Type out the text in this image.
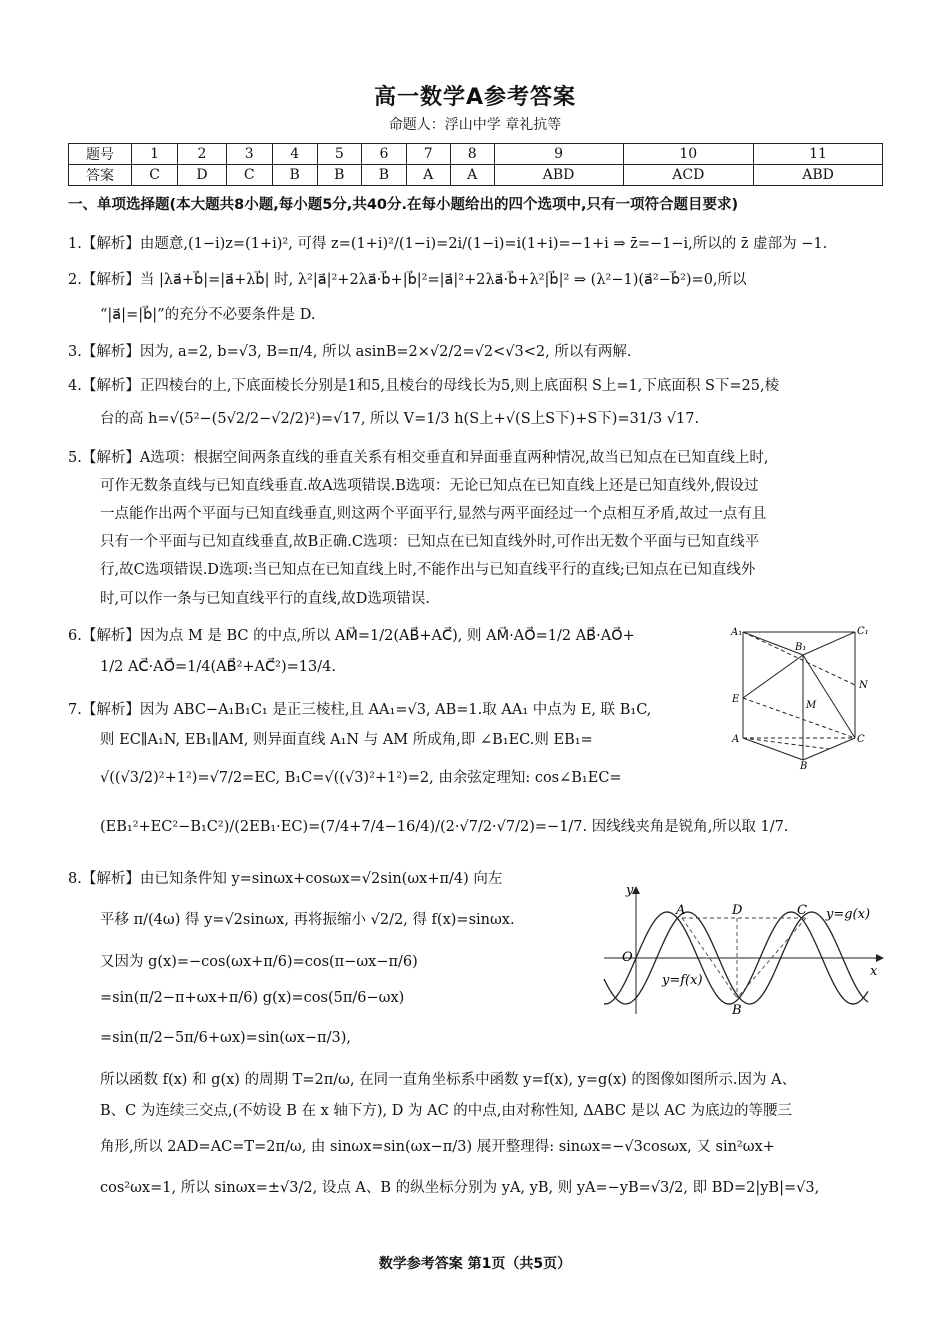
高一数学A参考答案
命题人：浮山中学 章礼抗等
题号	1	2	3	4	5	6	7	8	9	10	11
答案	C	D	C	B	B	B	A	A	ABD	ACD	ABD
一、单项选择题(本大题共8小题,每小题5分,共40分.在每小题给出的四个选项中,只有一项符合题目要求)
1.【解析】由题意,(1−i)z=(1+i)², 可得 z=(1+i)²/(1−i)=2i/(1−i)=i(1+i)=−1+i ⇒ z̄=−1−i,所以的 z̄ 虚部为 −1.
2.【解析】当 |λa⃗+b⃗|=|a⃗+λb⃗| 时, λ²|a⃗|²+2λa⃗·b⃗+|b⃗|²=|a⃗|²+2λa⃗·b⃗+λ²|b⃗|² ⇒ (λ²−1)(a⃗²−b⃗²)=0,所以
“|a⃗|=|b⃗|”的充分不必要条件是 D.
3.【解析】因为, a=2, b=√3, B=π/4, 所以 asinB=2×√2/2=√2<√3<2, 所以有两解.
4.【解析】正四棱台的上,下底面棱长分别是1和5,且棱台的母线长为5,则上底面积 S上=1,下底面积 S下=25,棱
台的高 h=√(5²−(5√2/2−√2/2)²)=√17, 所以 V=1/3 h(S上+√(S上S下)+S下)=31/3 √17.
5.【解析】A选项：根据空间两条直线的垂直关系有相交垂直和异面垂直两种情况,故当已知点在已知直线上时,
可作无数条直线与已知直线垂直.故A选项错误.B选项：无论已知点在已知直线上还是已知直线外,假设过
一点能作出两个平面与已知直线垂直,则这两个平面平行,显然与两平面经过一个点相互矛盾,故过一点有且
只有一个平面与已知直线垂直,故B正确.C选项：已知点在已知直线外时,可作出无数个平面与已知直线平
行,故C选项错误.D选项:当已知点在已知直线上时,不能作出与已知直线平行的直线;已知点在已知直线外
时,可以作一条与已知直线平行的直线,故D选项错误.
6.【解析】因为点 M 是 BC 的中点,所以 AM⃗=1/2(AB⃗+AC⃗), 则 AM⃗·AO⃗=1/2 AB⃗·AO⃗+
1/2 AC⃗·AO⃗=1/4(AB⃗²+AC⃗²)=13/4.
7.【解析】因为 ABC−A₁B₁C₁ 是正三棱柱,且 AA₁=√3, AB=1.取 AA₁ 中点为 E, 联 B₁C,
则 EC∥A₁N, EB₁∥AM, 则异面直线 A₁N 与 AM 所成角,即 ∠B₁EC.则 EB₁=
√((√3/2)²+1²)=√7/2=EC, B₁C=√((√3)²+1²)=2, 由余弦定理知: cos∠B₁EC=
(EB₁²+EC²−B₁C²)/(2EB₁·EC)=(7/4+7/4−16/4)/(2·√7/2·√7/2)=−1/7. 因线线夹角是锐角,所以取 1/7.
A₁
B₁
C₁
E
M
N
A
B
C
8.【解析】由已知条件知 y=sinωx+cosωx=√2sin(ωx+π/4) 向左
平移 π/(4ω) 得 y=√2sinωx, 再将振缩小 √2/2, 得 f(x)=sinωx.
又因为 g(x)=−cos(ωx+π/6)=cos(π−ωx−π/6)
=sin(π/2−π+ωx+π/6) g(x)=cos(5π/6−ωx)
=sin(π/2−5π/6+ωx)=sin(ωx−π/3),
所以函数 f(x) 和 g(x) 的周期 T=2π/ω, 在同一直角坐标系中函数 y=f(x), y=g(x) 的图像如图所示.因为 A、
B、C 为连续三交点,(不妨设 B 在 x 轴下方), D 为 AC 的中点,由对称性知, ΔABC 是以 AC 为底边的等腰三
角形,所以 2AD=AC=T=2π/ω, 由 sinωx=sin(ωx−π/3) 展开整理得: sinωx=−√3cosωx, 又 sin²ωx+
cos²ωx=1, 所以 sinωx=±√3/2, 设点 A、B 的纵坐标分别为 yA, yB, 则 yA=−yB=√3/2, 即 BD=2|yB|=√3,
y
x
O
A	D	C
B
y=g(x)
y=f(x)
数学参考答案 第1页（共5页）
